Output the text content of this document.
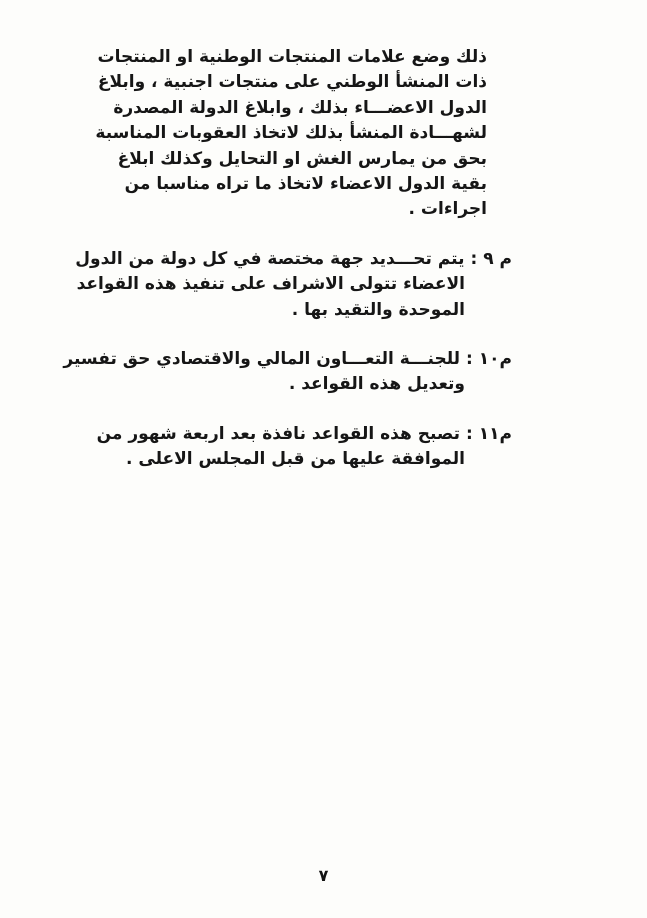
ذلك وضع علامات المنتجات الوطنية او المنتجات
ذات المنشأ الوطني على منتجات اجنبية ، وابلاغ
الدول الاعضـــاء بذلك ، وابلاغ الدولة المصدرة
لشهـــادة المنشأ بذلك لاتخاذ العقوبات المناسبة
بحق من يمارس الغش او التحايل وكذلك ابلاغ
بقية الدول الاعضاء لاتخاذ ما تراه مناسبا من
اجراءات .
م ٩ :
يتم تحـــديد جهة مختصة في كل دولة من الدول
الاعضاء تتولى الاشراف على تنفيذ هذه القواعد
الموحدة والتقيد بها .
م١٠ :
للجنـــة التعـــاون المالي والاقتصادي حق تفسير
وتعديل هذه القواعد .
م١١ :
تصبح هذه القواعد نافذة بعد اربعة شهور من
الموافقة عليها من قبل المجلس الاعلى .
٧
